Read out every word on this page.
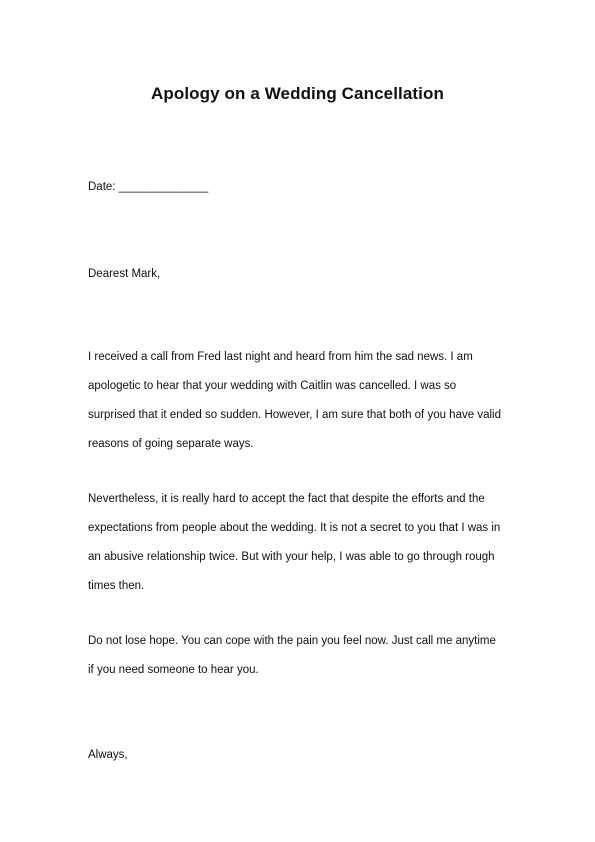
Apology on a Wedding Cancellation
Date: ______________
Dearest Mark,
I received a call from Fred last night and heard from him the sad news. I am
apologetic to hear that your wedding with Caitlin was cancelled. I was so
surprised that it ended so sudden. However, I am sure that both of you have valid
reasons of going separate ways.
Nevertheless, it is really hard to accept the fact that despite the efforts and the
expectations from people about the wedding. It is not a secret to you that I was in
an abusive relationship twice. But with your help, I was able to go through rough
times then.
Do not lose hope. You can cope with the pain you feel now. Just call me anytime
if you need someone to hear you.
Always,
